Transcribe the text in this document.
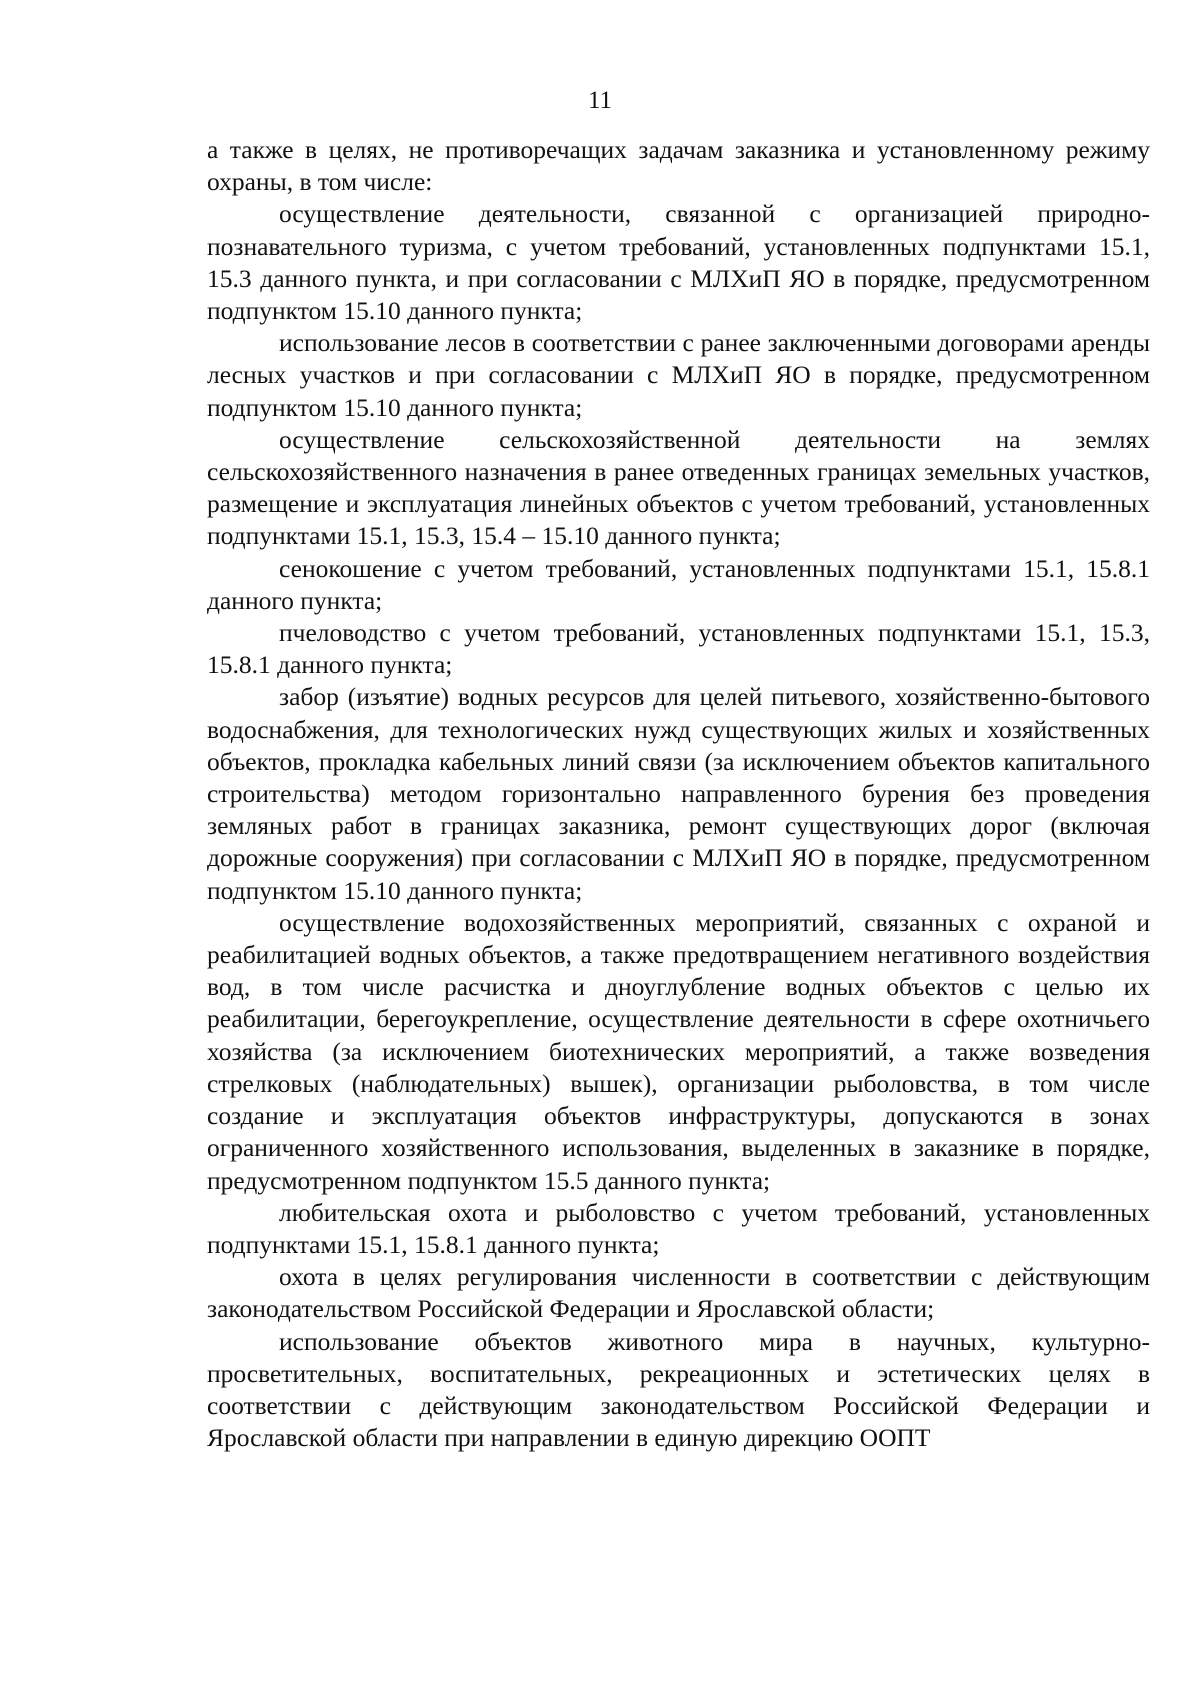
11

а также в целях, не противоречащих задачам заказника и установленному режиму охраны, в том числе:

осуществление деятельности, связанной с организацией природно-познавательного туризма, с учетом требований, установленных подпунктами 15.1, 15.3 данного пункта, и при согласовании с МЛХиП ЯО в порядке, предусмотренном подпунктом 15.10 данного пункта;

использование лесов в соответствии с ранее заключенными договорами аренды лесных участков и при согласовании с МЛХиП ЯО в порядке, предусмотренном подпунктом 15.10 данного пункта;

осуществление сельскохозяйственной деятельности на землях сельскохозяйственного назначения в ранее отведенных границах земельных участков, размещение и эксплуатация линейных объектов с учетом требований, установленных подпунктами 15.1, 15.3, 15.4 – 15.10 данного пункта;

сенокошение с учетом требований, установленных подпунктами 15.1, 15.8.1 данного пункта;

пчеловодство с учетом требований, установленных подпунктами 15.1, 15.3, 15.8.1 данного пункта;

забор (изъятие) водных ресурсов для целей питьевого, хозяйственно-бытового водоснабжения, для технологических нужд существующих жилых и хозяйственных объектов, прокладка кабельных линий связи (за исключением объектов капитального строительства) методом горизонтально направленного бурения без проведения земляных работ в границах заказника, ремонт существующих дорог (включая дорожные сооружения) при согласовании с МЛХиП ЯО в порядке, предусмотренном подпунктом 15.10 данного пункта;

осуществление водохозяйственных мероприятий, связанных с охраной и реабилитацией водных объектов, а также предотвращением негативного воздействия вод, в том числе расчистка и дноуглубление водных объектов с целью их реабилитации, берегоукрепление, осуществление деятельности в сфере охотничьего хозяйства (за исключением биотехнических мероприятий, а также возведения стрелковых (наблюдательных) вышек), организации рыболовства, в том числе создание и эксплуатация объектов инфраструктуры, допускаются в зонах ограниченного хозяйственного использования, выделенных в заказнике в порядке, предусмотренном подпунктом 15.5 данного пункта;

любительская охота и рыболовство с учетом требований, установленных подпунктами 15.1, 15.8.1 данного пункта;

охота в целях регулирования численности в соответствии с действующим законодательством Российской Федерации и Ярославской области;

использование объектов животного мира в научных, культурно-просветительных, воспитательных, рекреационных и эстетических целях в соответствии с действующим законодательством Российской Федерации и Ярославской области при направлении в единую дирекцию ООПТ
